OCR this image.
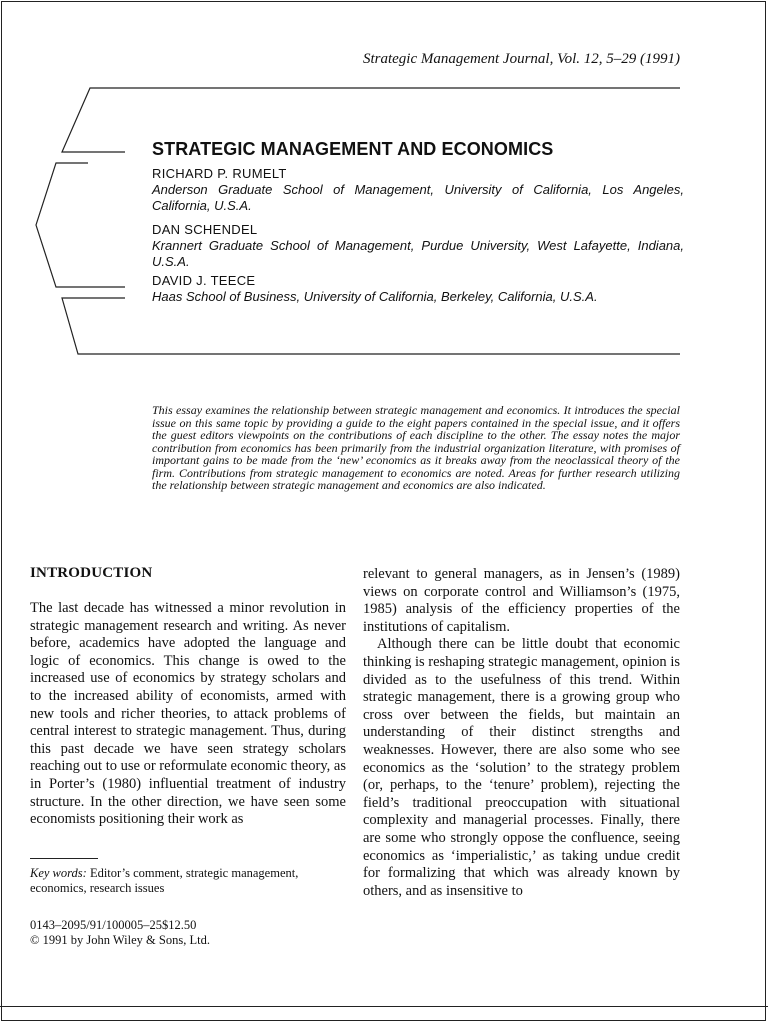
Strategic Management Journal, Vol. 12, 5–29 (1991)
STRATEGIC MANAGEMENT AND ECONOMICS
RICHARD P. RUMELT
Anderson Graduate School of Management, University of California, Los Angeles, California, U.S.A.
DAN SCHENDEL
Krannert Graduate School of Management, Purdue University, West Lafayette, Indiana, U.S.A.
DAVID J. TEECE
Haas School of Business, University of California, Berkeley, California, U.S.A.
This essay examines the relationship between strategic management and economics. It introduces the special issue on this same topic by providing a guide to the eight papers contained in the special issue, and it offers the guest editors viewpoints on the contributions of each discipline to the other. The essay notes the major contribution from economics has been primarily from the industrial organization literature, with promises of important gains to be made from the ‘new’ economics as it breaks away from the neoclassical theory of the firm. Contributions from strategic management to economics are noted. Areas for further research utilizing the relationship between strategic management and economics are also indicated.
INTRODUCTION

The last decade has witnessed a minor revolution in strategic management research and writing. As never before, academics have adopted the language and logic of economics. This change is owed to the increased use of economics by strategy scholars and to the increased ability of economists, armed with new tools and richer theories, to attack problems of central interest to strategic management. Thus, during this past decade we have seen strategy scholars reaching out to use or reformulate economic theory, as in Porter’s (1980) influential treatment of industry structure. In the other direction, we have seen some economists positioning their work as

relevant to general managers, as in Jensen’s (1989) views on corporate control and Williamson’s (1975, 1985) analysis of the efficiency properties of the institutions of capitalism.

Although there can be little doubt that economic thinking is reshaping strategic management, opinion is divided as to the usefulness of this trend. Within strategic management, there is a growing group who cross over between the fields, but maintain an understanding of their distinct strengths and weaknesses. However, there are also some who see economics as the ‘solution’ to the strategy problem (or, perhaps, to the ‘tenure’ problem), rejecting the field’s traditional preoccupation with situational complexity and managerial processes. Finally, there are some who strongly oppose the confluence, seeing economics as ‘imperialistic,’ as taking undue credit for formalizing that which was already known by others, and as insensitive to

Key words: Editor’s comment, strategic management, economics, research issues
0143–2095/91/100005–25$12.50
© 1991 by John Wiley & Sons, Ltd.
